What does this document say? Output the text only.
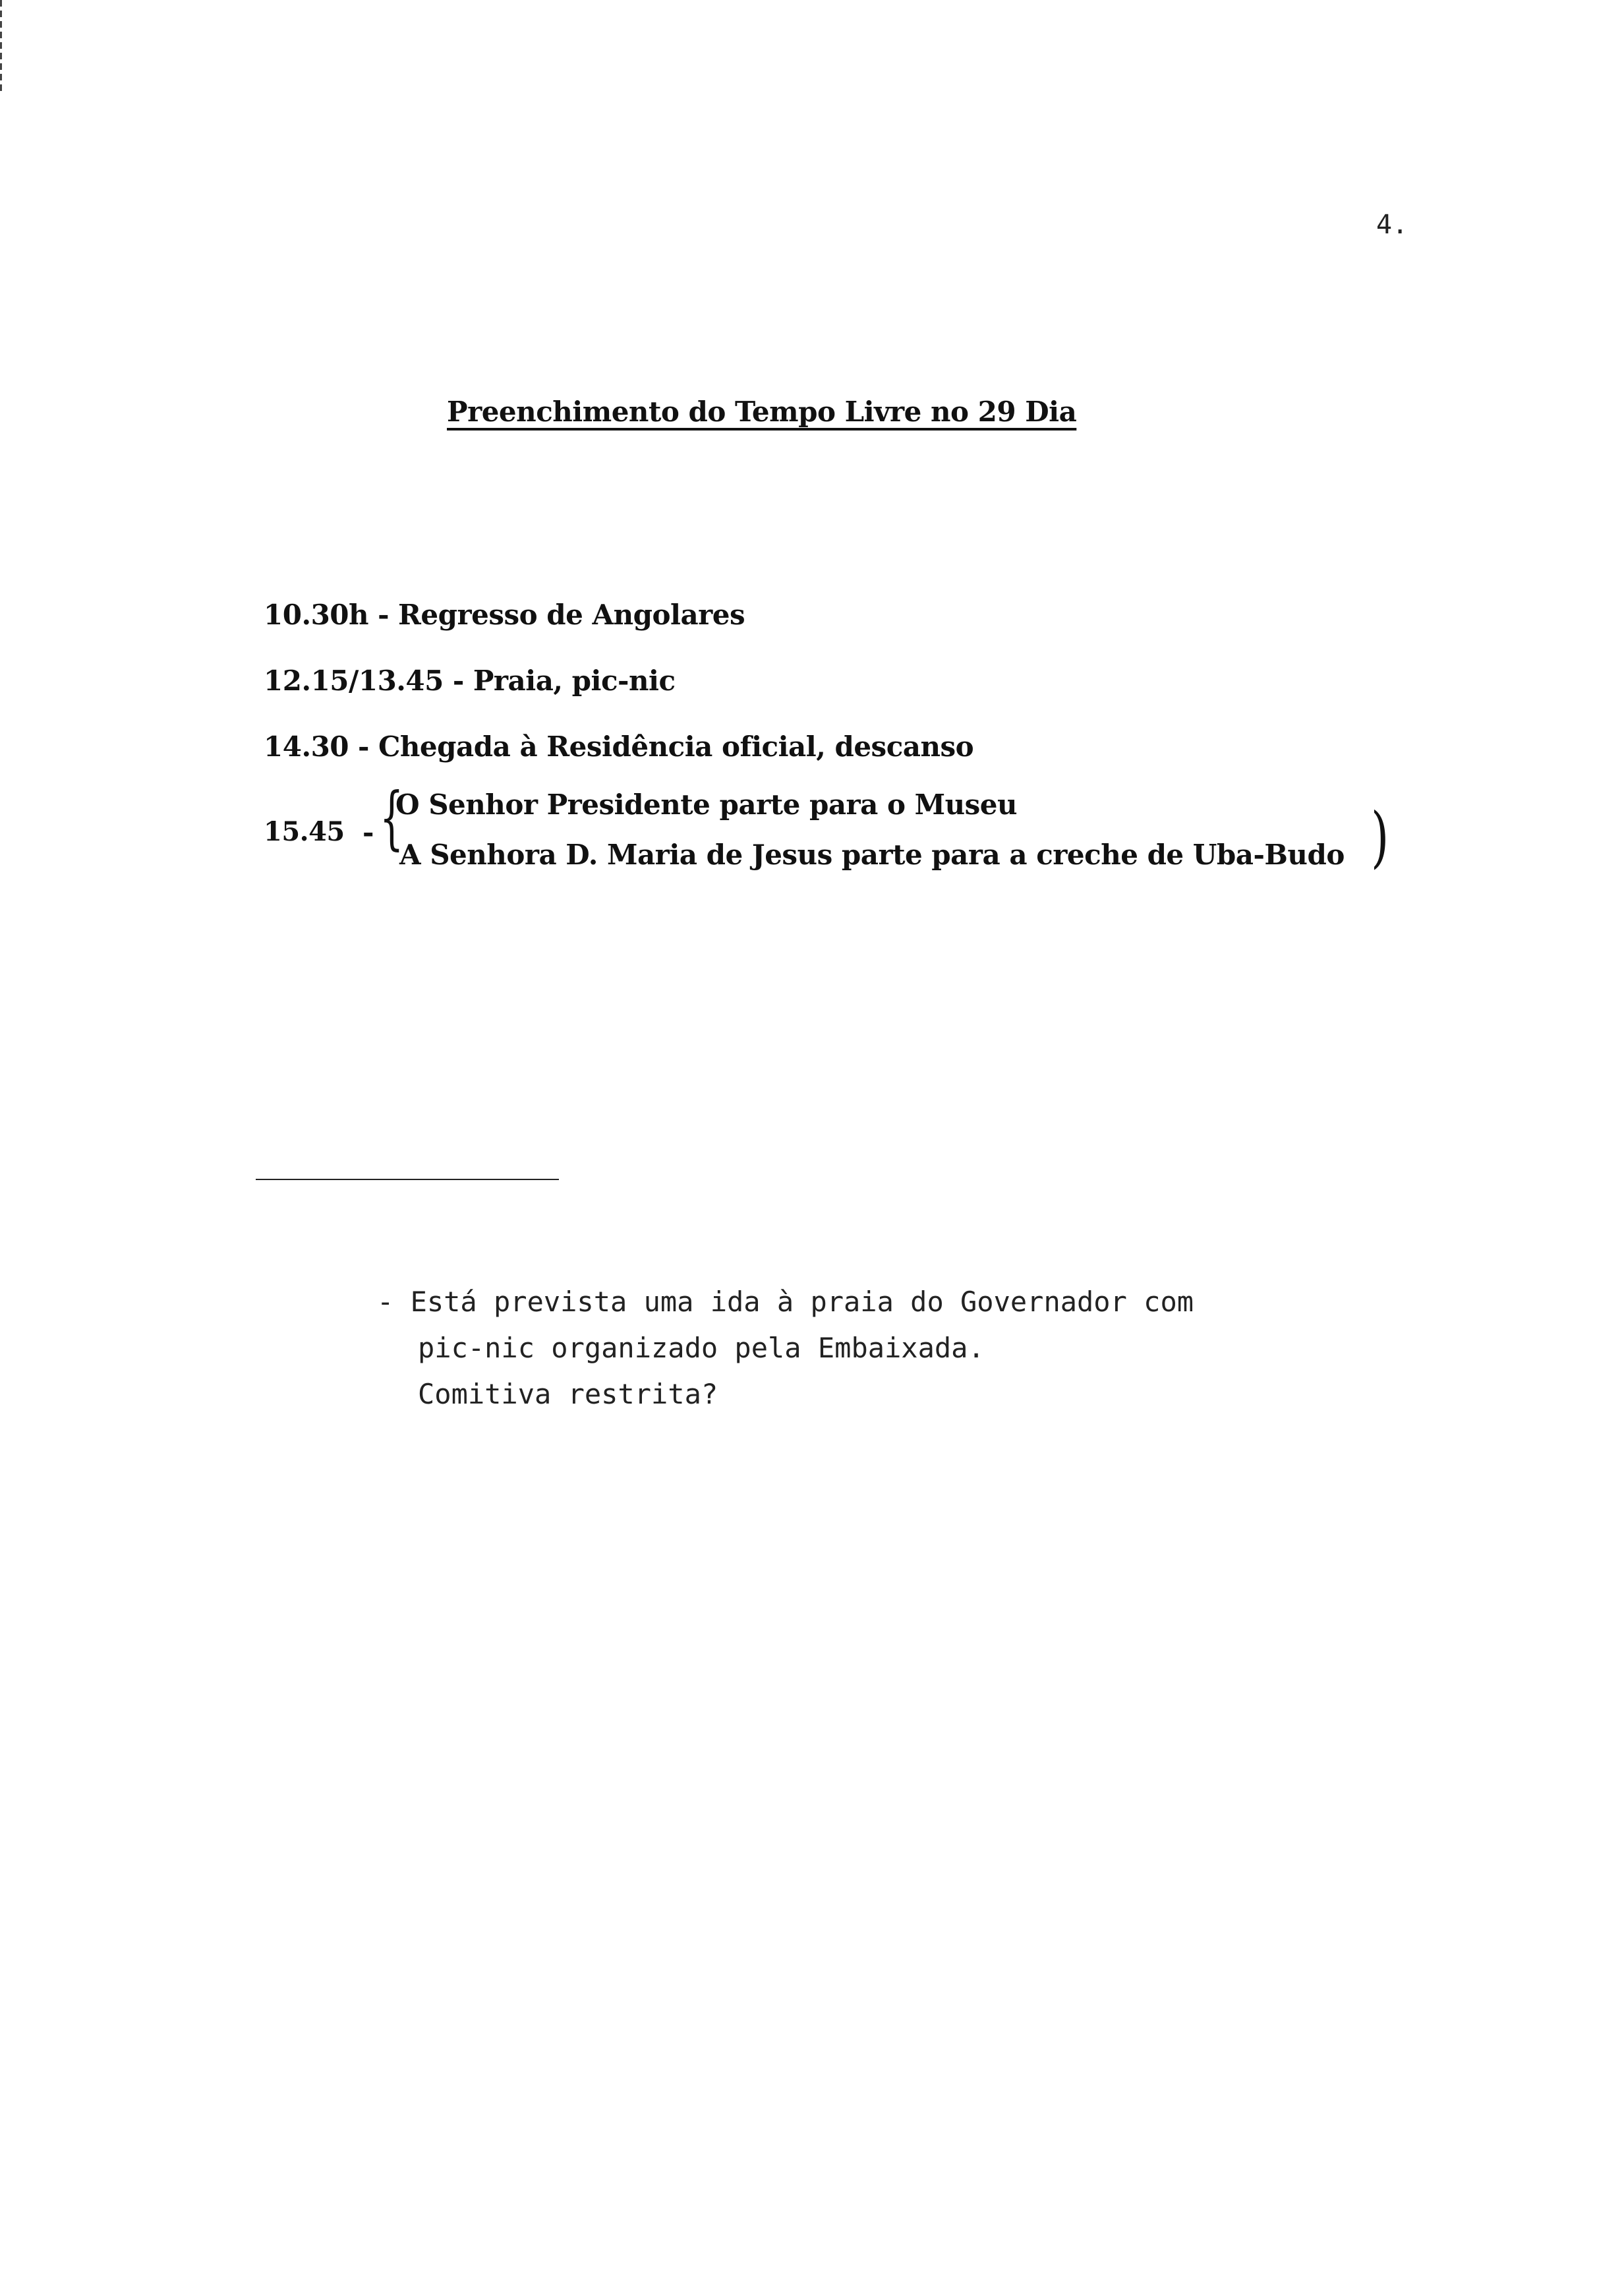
4.
Preenchimento do Tempo Livre no 29 Dia
10.30h - Regresso de Angolares
12.15/13.45 - Praia, pic-nic
14.30 - Chegada à Residência oficial, descanso
15.45 - {
O Senhor Presidente parte para o Museu
A Senhora D. Maria de Jesus parte para a creche de Uba-Budo )
- Está prevista uma ida à praia do Governador com
pic-nic organizado pela Embaixada.
Comitiva restrita?
